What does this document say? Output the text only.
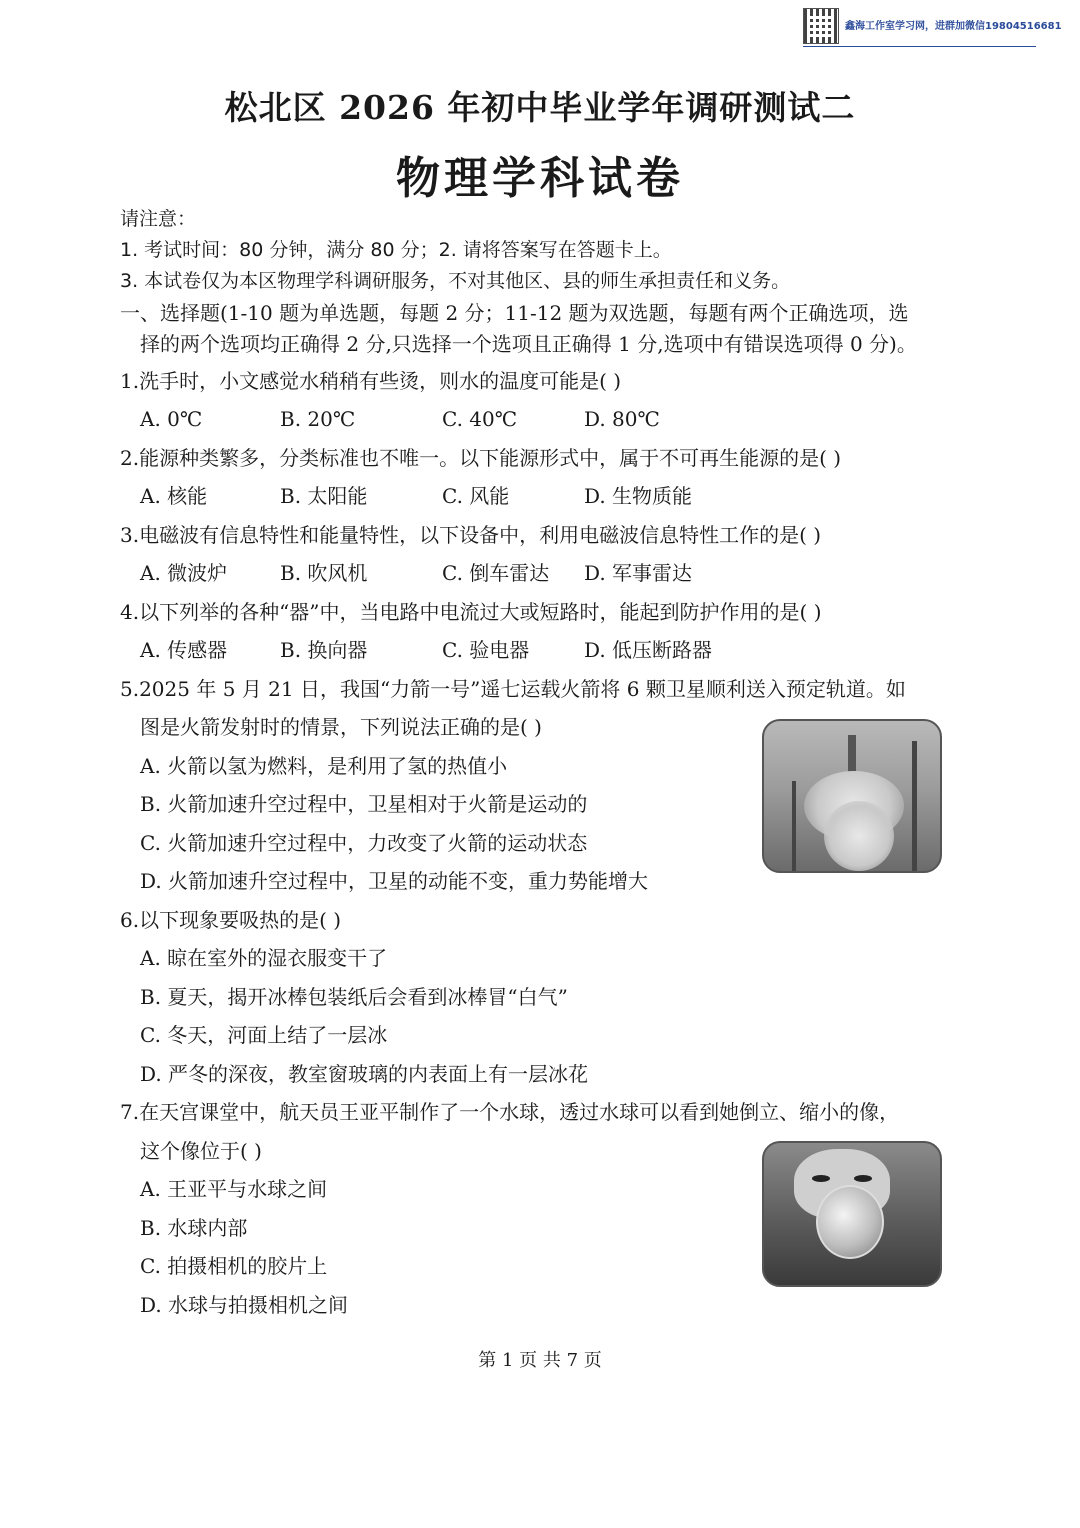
鑫海工作室学习网，进群加微信19804516681
松北区 2026 年初中毕业学年调研测试二
物理学科试卷
请注意：
1. 考试时间：80 分钟，满分 80 分；2. 请将答案写在答题卡上。
3. 本试卷仅为本区物理学科调研服务，不对其他区、县的师生承担责任和义务。
一、选择题(1-10 题为单选题，每题 2 分；11-12 题为双选题，每题有两个正确选项，选
择的两个选项均正确得 2 分,只选择一个选项且正确得 1 分,选项中有错误选项得 0 分)。
1.洗手时，小文感觉水稍稍有些烫，则水的温度可能是( )
A. 0℃	B. 20℃	C. 40℃	D. 80℃
2.能源种类繁多，分类标准也不唯一。以下能源形式中，属于不可再生能源的是( )
A. 核能	B. 太阳能	C. 风能	D. 生物质能
3.电磁波有信息特性和能量特性，以下设备中，利用电磁波信息特性工作的是( )
A. 微波炉	B. 吹风机	C. 倒车雷达 D. 军事雷达
4.以下列举的各种“器”中，当电路中电流过大或短路时，能起到防护作用的是( )
A. 传感器	B. 换向器	C. 验电器	D. 低压断路器
5.2025 年 5 月 21 日，我国“力箭一号”遥七运载火箭将 6 颗卫星顺利送入预定轨道。如
图是火箭发射时的情景，下列说法正确的是( )
A. 火箭以氢为燃料，是利用了氢的热值小
B. 火箭加速升空过程中，卫星相对于火箭是运动的
C. 火箭加速升空过程中，力改变了火箭的运动状态
D. 火箭加速升空过程中，卫星的动能不变，重力势能增大
6.以下现象要吸热的是( )
A. 晾在室外的湿衣服变干了
B. 夏天，揭开冰棒包装纸后会看到冰棒冒“白气”
C. 冬天，河面上结了一层冰
D. 严冬的深夜，教室窗玻璃的内表面上有一层冰花
7.在天宫课堂中，航天员王亚平制作了一个水球，透过水球可以看到她倒立、缩小的像，
这个像位于( )
A. 王亚平与水球之间
B. 水球内部
C. 拍摄相机的胶片上
D. 水球与拍摄相机之间
第 1 页 共 7 页
